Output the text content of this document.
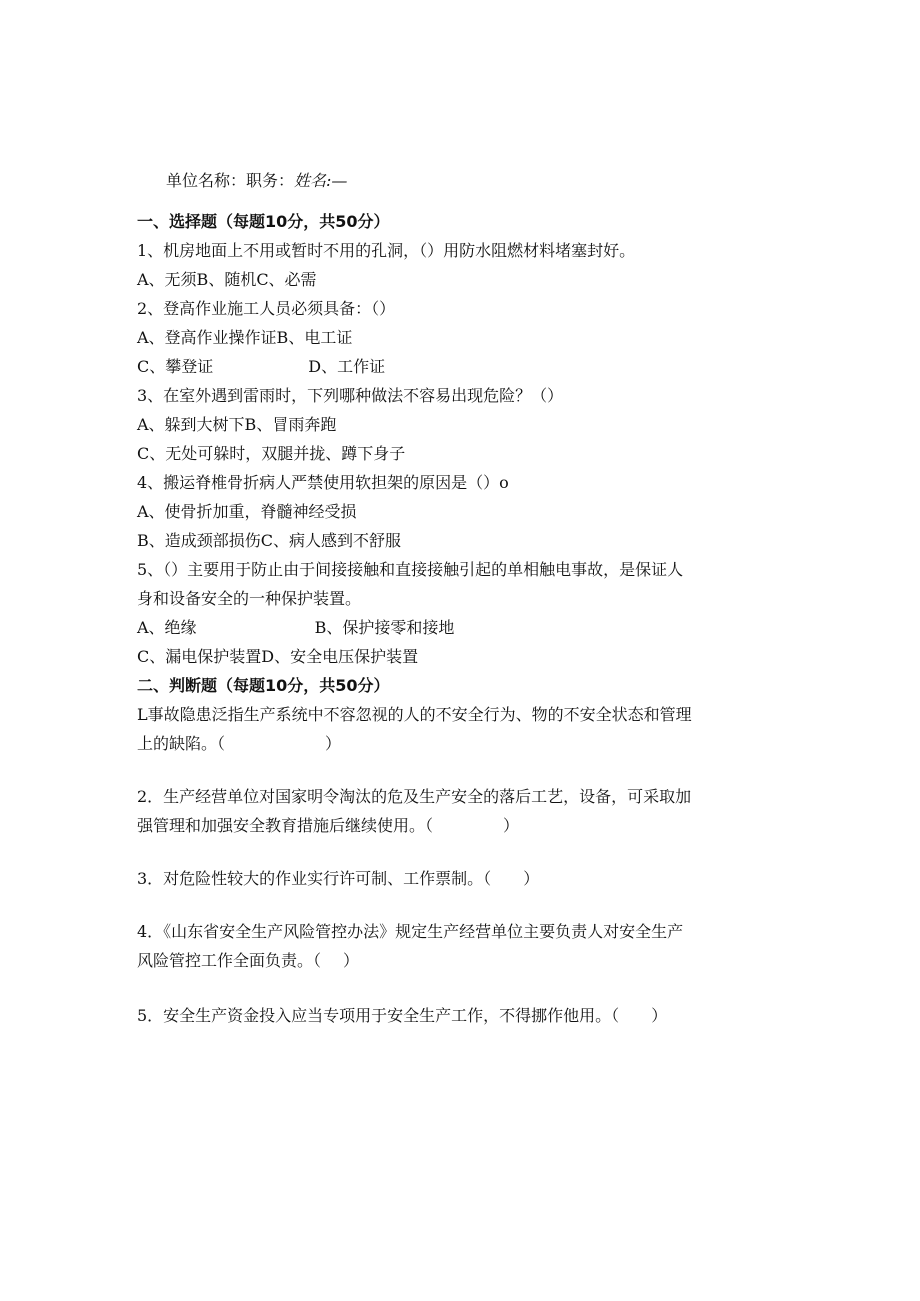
单位名称：职务：姓名:—
一、选择题（每题10分，共50分）
1、机房地面上不用或暂时不用的孔洞，（）用防水阻燃材料堵塞封好。
A、无须B、随机C、必需
2、登高作业施工人员必须具备：（）
A、登高作业操作证B、电工证
C、攀登证	D、工作证
3、在室外遇到雷雨时，下列哪种做法不容易出现危险？（）
A、躲到大树下B、冒雨奔跑
C、无处可躲时，双腿并拢、蹲下身子
4、搬运脊椎骨折病人严禁使用软担架的原因是（）o
A、使骨折加重，脊髓神经受损
B、造成颈部损伤C、病人感到不舒服
5、（）主要用于防止由于间接接触和直接接触引起的单相触电事故，是保证人
身和设备安全的一种保护装置。
A、绝缘	B、保护接零和接地
C、漏电保护装置D、安全电压保护装置
二、判断题（每题10分，共50分）
L事故隐患泛指生产系统中不容忽视的人的不安全行为、物的不安全状态和管理
上的缺陷。（	）
2．生产经营单位对国家明令淘汰的危及生产安全的落后工艺，设备，可采取加
强管理和加强安全教育措施后继续使用。（	）
3．对危险性较大的作业实行许可制、工作票制。（ ）
4．《山东省安全生产风险管控办法》规定生产经营单位主要负责人对安全生产
风险管控工作全面负责。（ ）
5．安全生产资金投入应当专项用于安全生产工作，不得挪作他用。（ ）
